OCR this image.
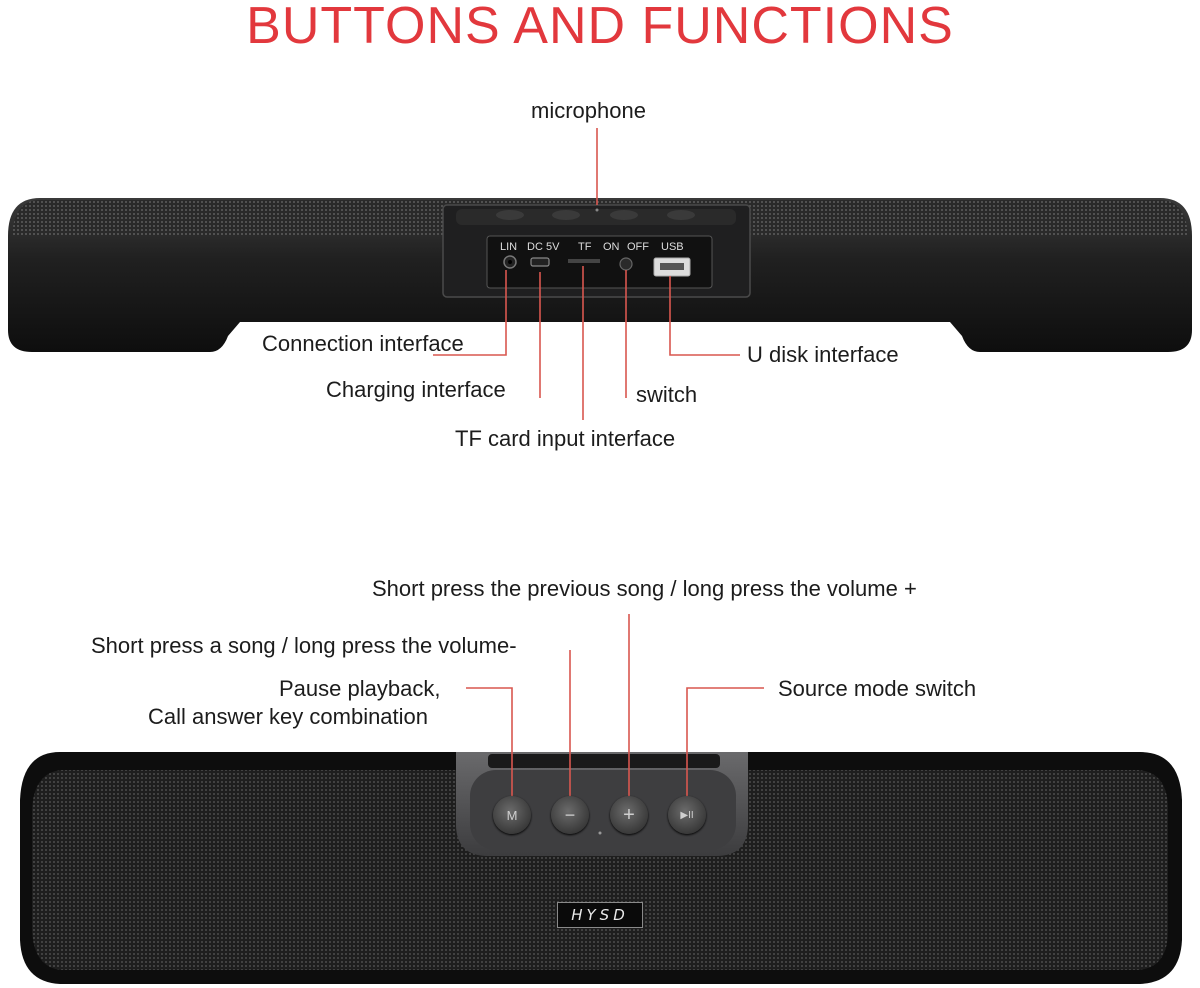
BUTTONS AND FUNCTIONS
LIN DC 5V TF ON OFF USB
microphone
Connection interface
Charging interface	switch
TF card input interface
U disk interface
Short press the previous song / long press the volume +
Short press a song / long press the volume-
Pause playback,
Call answer key combination
Source mode switch
M	− +	▶II
HYSD
